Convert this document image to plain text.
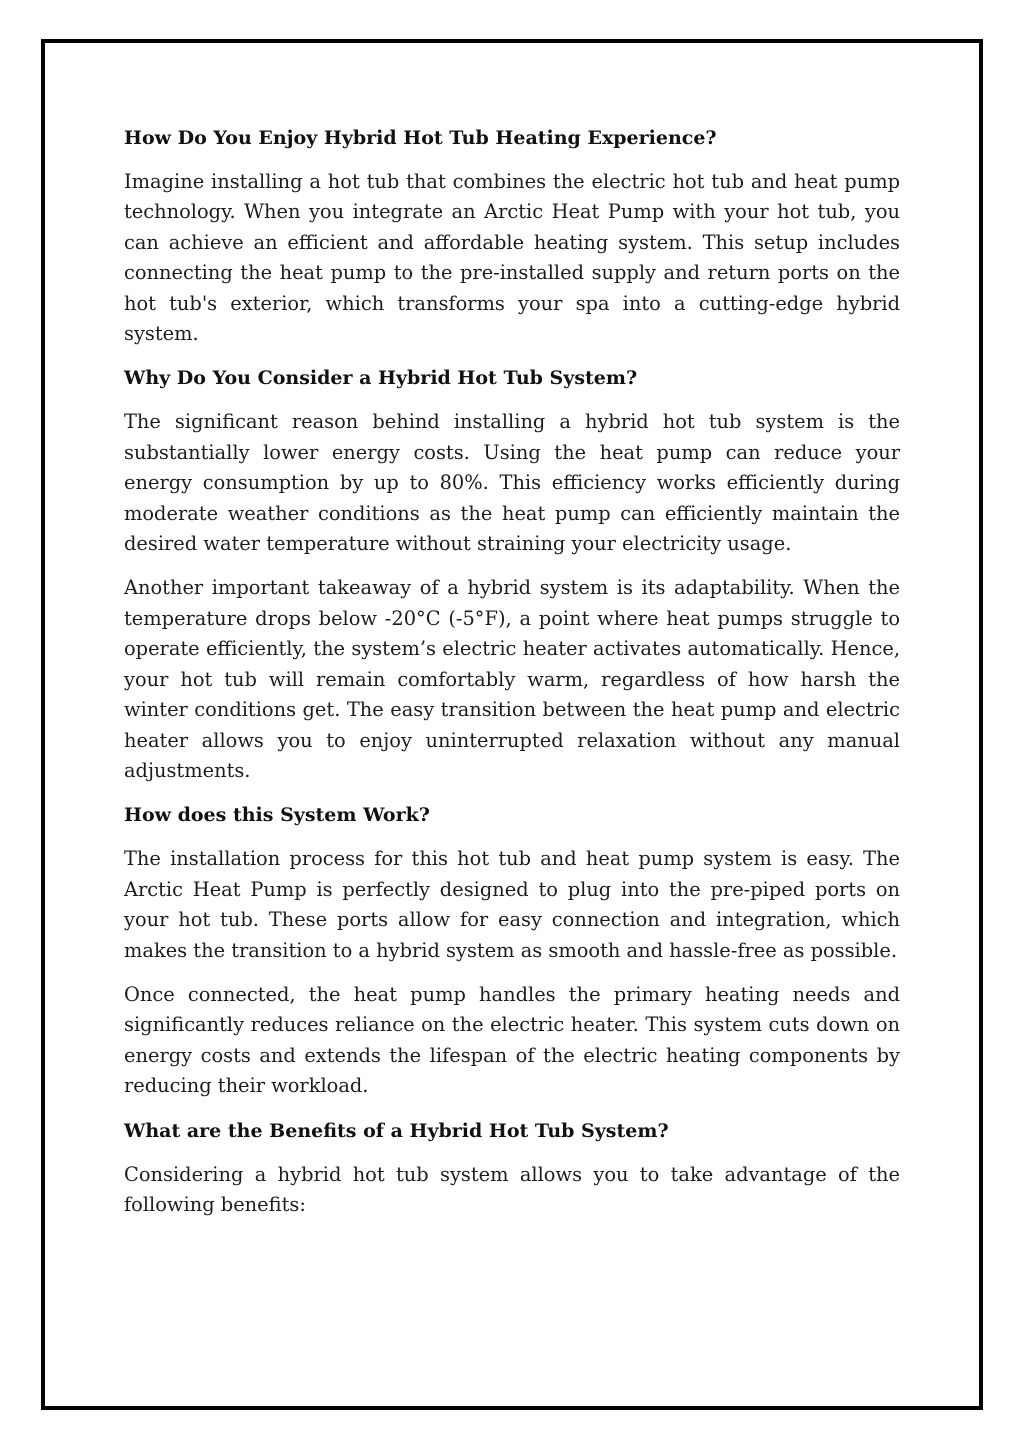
How Do You Enjoy Hybrid Hot Tub Heating Experience?

Imagine installing a hot tub that combines the electric hot tub and heat pump technology. When you integrate an Arctic Heat Pump with your hot tub, you can achieve an efficient and affordable heating system. This setup includes connecting the heat pump to the pre-installed supply and return ports on the hot tub's exterior, which transforms your spa into a cutting-edge hybrid system.

Why Do You Consider a Hybrid Hot Tub System?

The significant reason behind installing a hybrid hot tub system is the substantially lower energy costs. Using the heat pump can reduce your energy consumption by up to 80%. This efficiency works efficiently during moderate weather conditions as the heat pump can efficiently maintain the desired water temperature without straining your electricity usage.

Another important takeaway of a hybrid system is its adaptability. When the temperature drops below -20°C (-5°F), a point where heat pumps struggle to operate efficiently, the system’s electric heater activates automatically. Hence, your hot tub will remain comfortably warm, regardless of how harsh the winter conditions get. The easy transition between the heat pump and electric heater allows you to enjoy uninterrupted relaxation without any manual adjustments.

How does this System Work?

The installation process for this hot tub and heat pump system is easy. The Arctic Heat Pump is perfectly designed to plug into the pre-piped ports on your hot tub. These ports allow for easy connection and integration, which makes the transition to a hybrid system as smooth and hassle-free as possible.

Once connected, the heat pump handles the primary heating needs and significantly reduces reliance on the electric heater. This system cuts down on energy costs and extends the lifespan of the electric heating components by reducing their workload.

What are the Benefits of a Hybrid Hot Tub System?

Considering a hybrid hot tub system allows you to take advantage of the following benefits:
